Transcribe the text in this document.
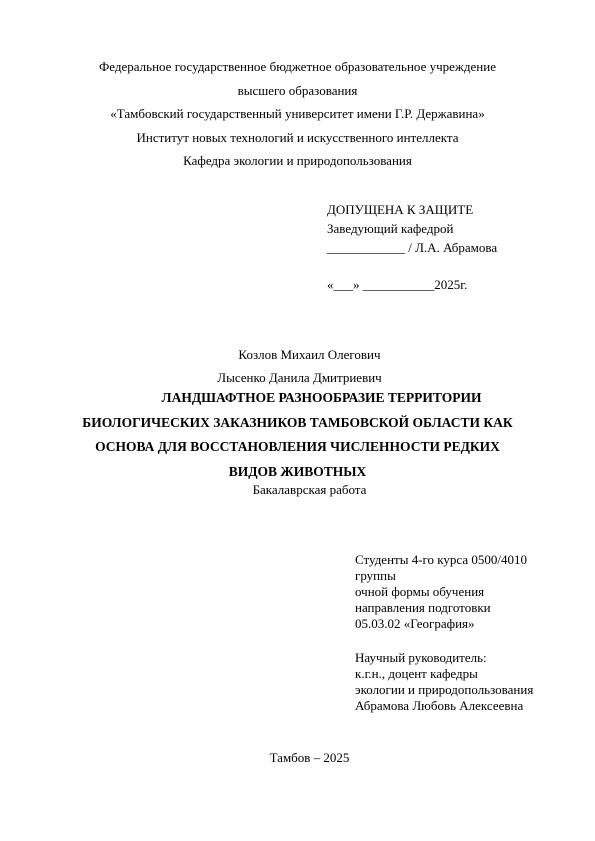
Федеральное государственное бюджетное образовательное учреждение
высшего образования
«Тамбовский государственный университет имени Г.Р. Державина»
Институт новых технологий и искусственного интеллекта
Кафедра экологии и природопользования
ДОПУЩЕНА К ЗАЩИТЕ
Заведующий кафедрой
____________ / Л.А. Абрамова
«___» ___________2025г.
Козлов Михаил Олегович
Лысенко Данила Дмитриевич
ЛАНДШАФТНОЕ РАЗНООБРАЗИЕ ТЕРРИТОРИИ
БИОЛОГИЧЕСКИХ ЗАКАЗНИКОВ ТАМБОВСКОЙ ОБЛАСТИ КАК
ОСНОВА ДЛЯ ВОССТАНОВЛЕНИЯ ЧИСЛЕННОСТИ РЕДКИХ
ВИДОВ ЖИВОТНЫХ
Бакалаврская работа
Студенты 4-го курса 0500/4010
группы
очной формы обучения
направления подготовки
05.03.02 «География»
Научный руководитель:
к.г.н., доцент кафедры
экологии и природопользования
Абрамова Любовь Алексеевна
Тамбов – 2025
